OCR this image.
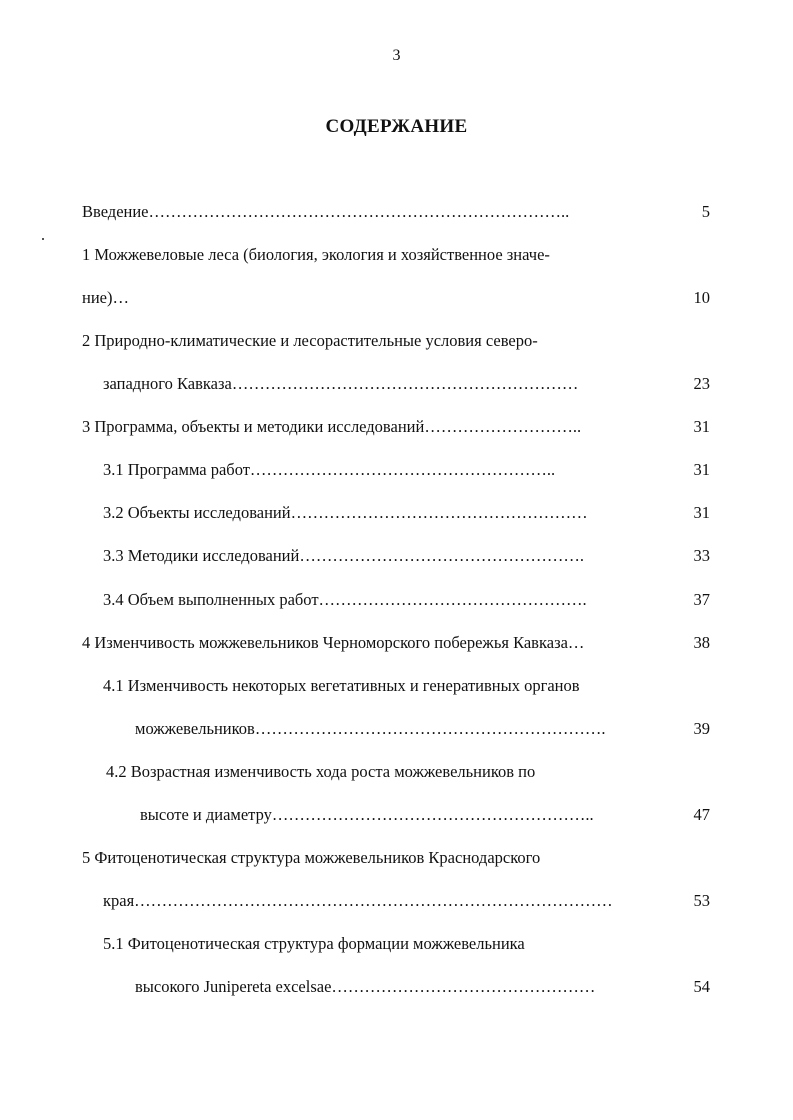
3
СОДЕРЖАНИЕ
Введение…………………………………………………………………..	5
1 Можжевеловые леса (биология, экология и хозяйственное значе-
ние)…	10
2 Природно-климатические и лесорастительные условия северо-
западного Кавказа………………………………………………………	23
3 Программа, объекты и методики исследований………………………..	31
3.1 Программа работ………………………………………………..	31
3.2 Объекты исследований………………………………………………	31
3.3 Методики исследований…………………………………………….	33
3.4 Объем выполненных работ………………………………………….	37
4 Изменчивость можжевельников Черноморского побережья Кавказа…	38
4.1 Изменчивость некоторых вегетативных и генеративных органов
можжевельников……………………………………………………….	39
4.2 Возрастная изменчивость хода роста можжевельников по
высоте и диаметру…………………………………………………..	47
5 Фитоценотическая структура можжевельников Краснодарского
края……………………………………………………………………………	53
5.1 Фитоценотическая структура формации можжевельника
высокого Junipereta excelsae…………………………………………	54
